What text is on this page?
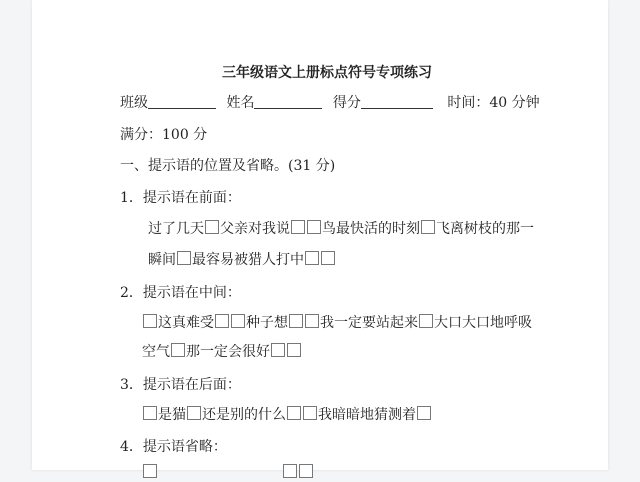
三年级语文上册标点符号专项练习
班级	姓名	得分	时间：40 分钟
满分：100 分
一、提示语的位置及省略。(31 分)
1．提示语在前面：
过了几天 父亲对我说 鸟最快活的时刻 飞离树枝的那一
瞬间 最容易被猎人打中
2．提示语在中间：
这真难受 种子想 我一定要站起来 大口大口地呼吸
空气 那一定会很好
3．提示语在后面：
是猫 还是别的什么 我暗暗地猜测着
4．提示语省略：
